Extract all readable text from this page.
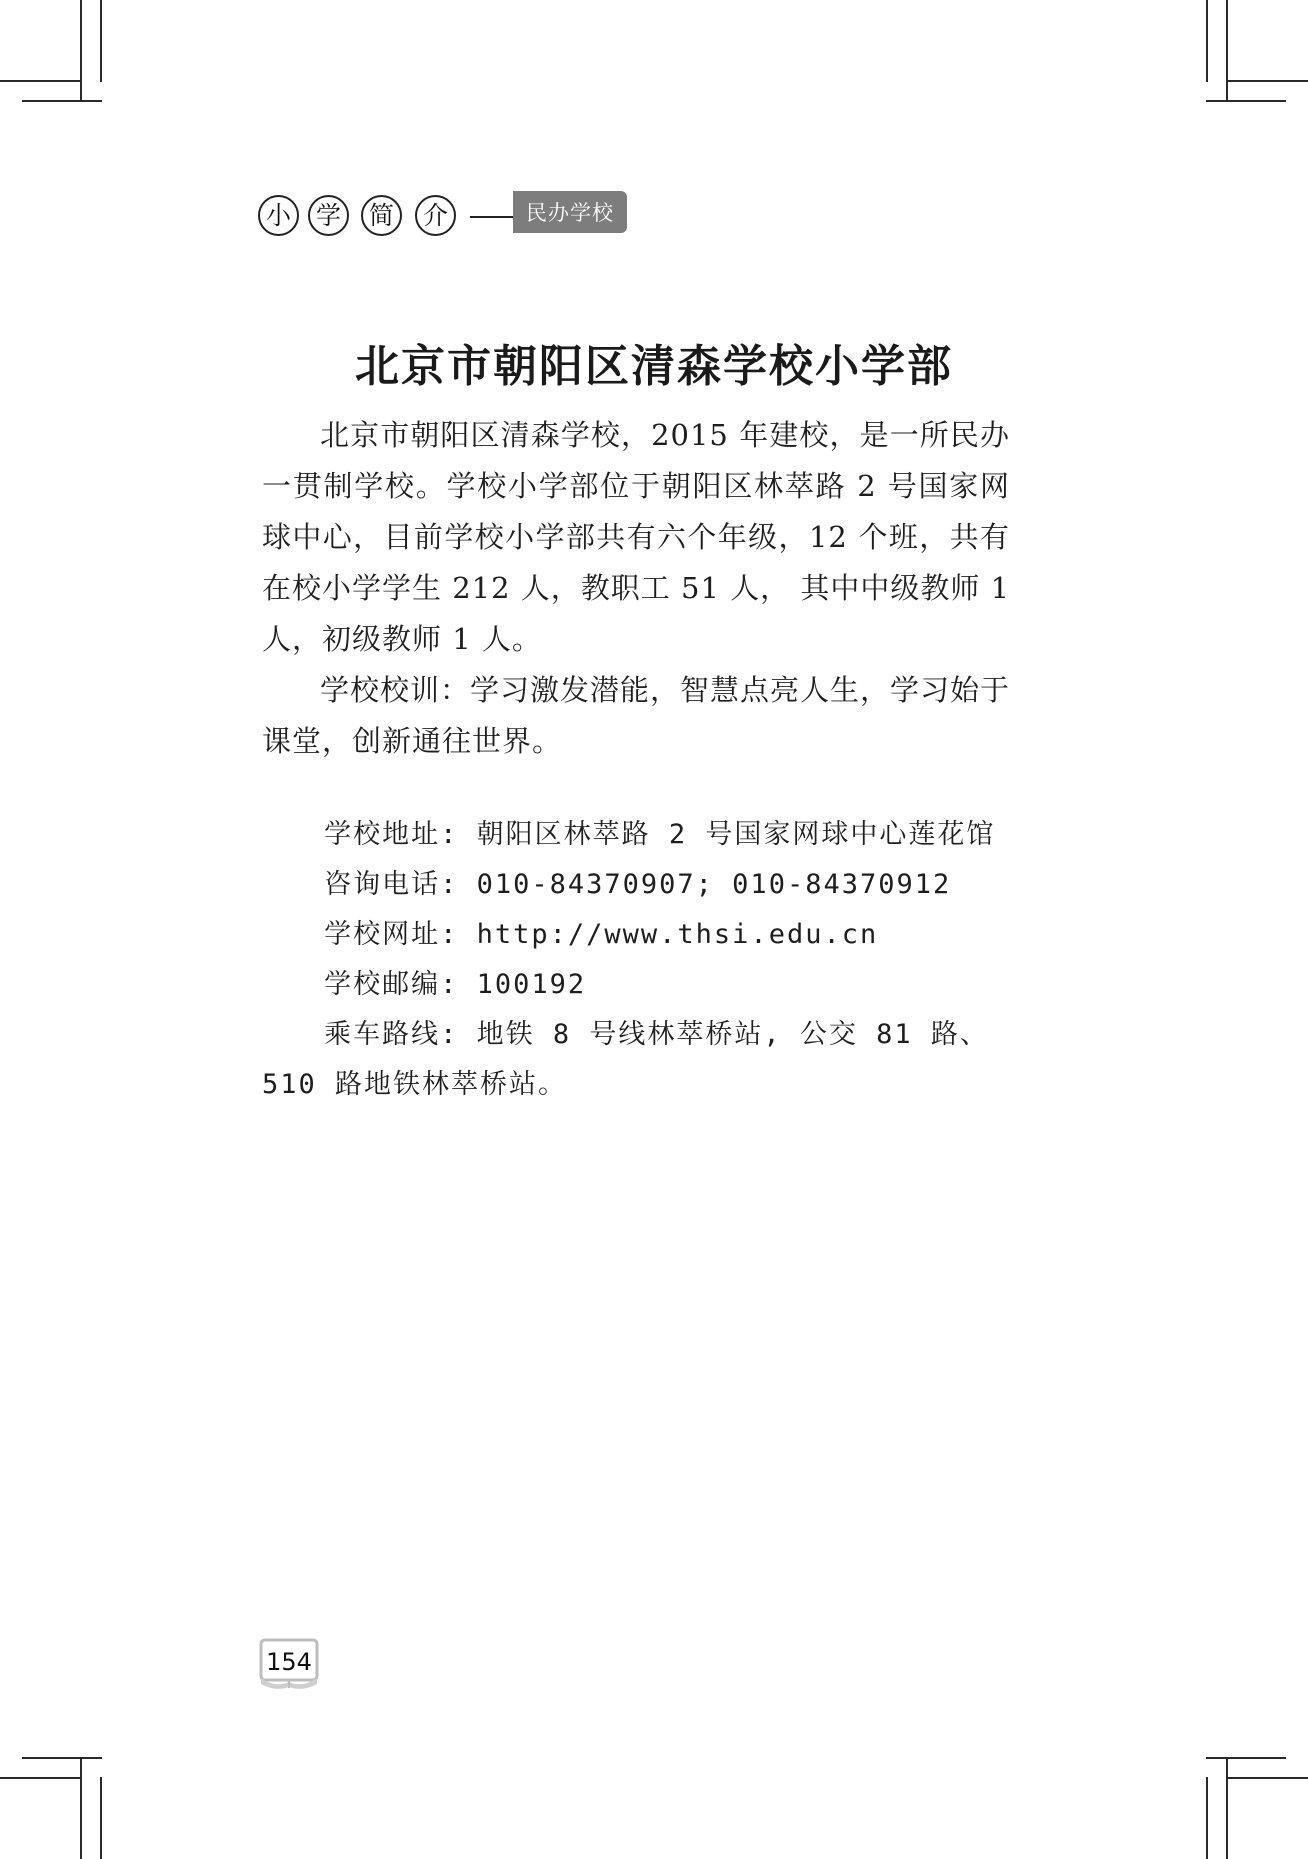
小 学	简	介	民办学校
北京市朝阳区清森学校小学部

北京市朝阳区清森学校，2015 年建校，是一所民办一贯制学校。学校小学部位于朝阳区林萃路 2 号国家网球中心，目前学校小学部共有六个年级，12 个班，共有在校小学学生 212 人，教职工 51 人， 其中中级教师 1 人，初级教师 1 人。

学校校训：学习激发潜能，智慧点亮人生，学习始于课堂，创新通往世界。

学校地址: 朝阳区林萃路 2 号国家网球中心莲花馆

咨询电话: 010-84370907; 010-84370912

学校网址: http://www.thsi.edu.cn

学校邮编: 100192

乘车路线: 地铁 8 号线林萃桥站, 公交 81 路、

510 路地铁林萃桥站。

154
